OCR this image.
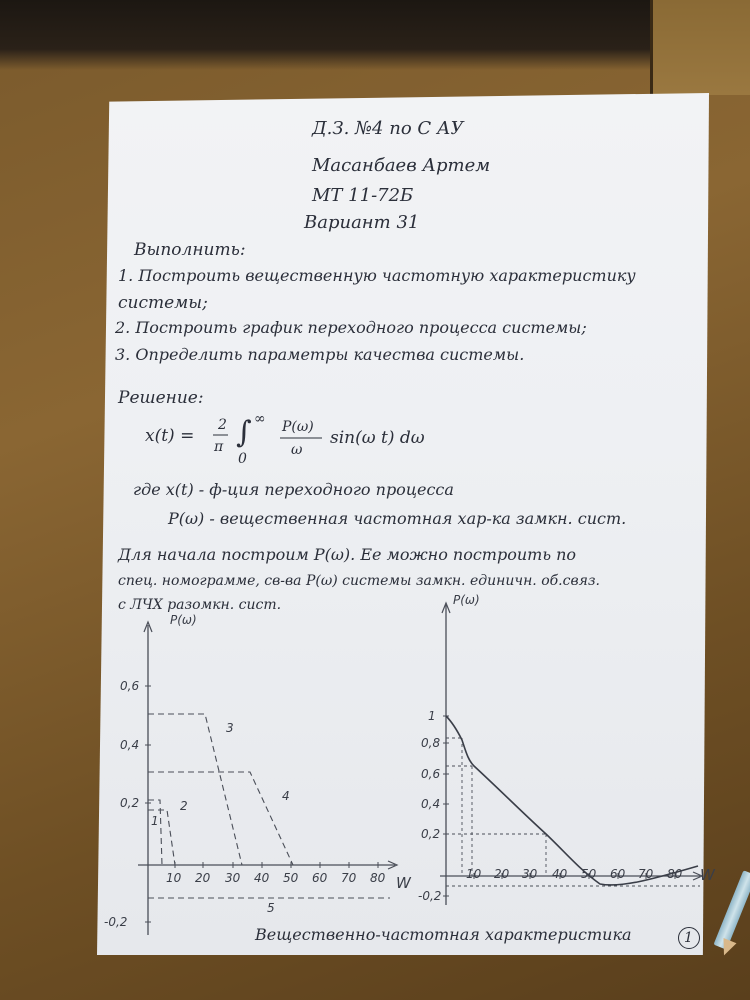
Д.З. №4 по С АУ
Масанбаев Артем
МТ 11-72Б
Вариант 31
Выполнить:
1. Построить вещественную частотную характеристику
системы;
2. Построить график переходного процесса системы;
3. Определить параметры качества системы.
Решение:
x(t) =
2
π ∫ ∞
0
P(ω)
ω
sin(ω t) dω
где x(t) - ф-ция переходного процесса
P(ω) - вещественная частотная хар-ка замкн. сист.
Для начала построим P(ω). Ее можно построить по
спец. номограмме, св-ва P(ω) системы замкн. единичн. об.связ.
с ЛЧХ разомкн. сист.
P(ω)
W
0,6
0,4
0,2
-0,2
10 20 30 40 50 60 70 80
1
2
3
4
5
P(ω)
W
1
0,8
0,6
0,4
0,2
-0,2
10 20 30 40 50 60 70 80
Вещественно-частотная характеристика	1
